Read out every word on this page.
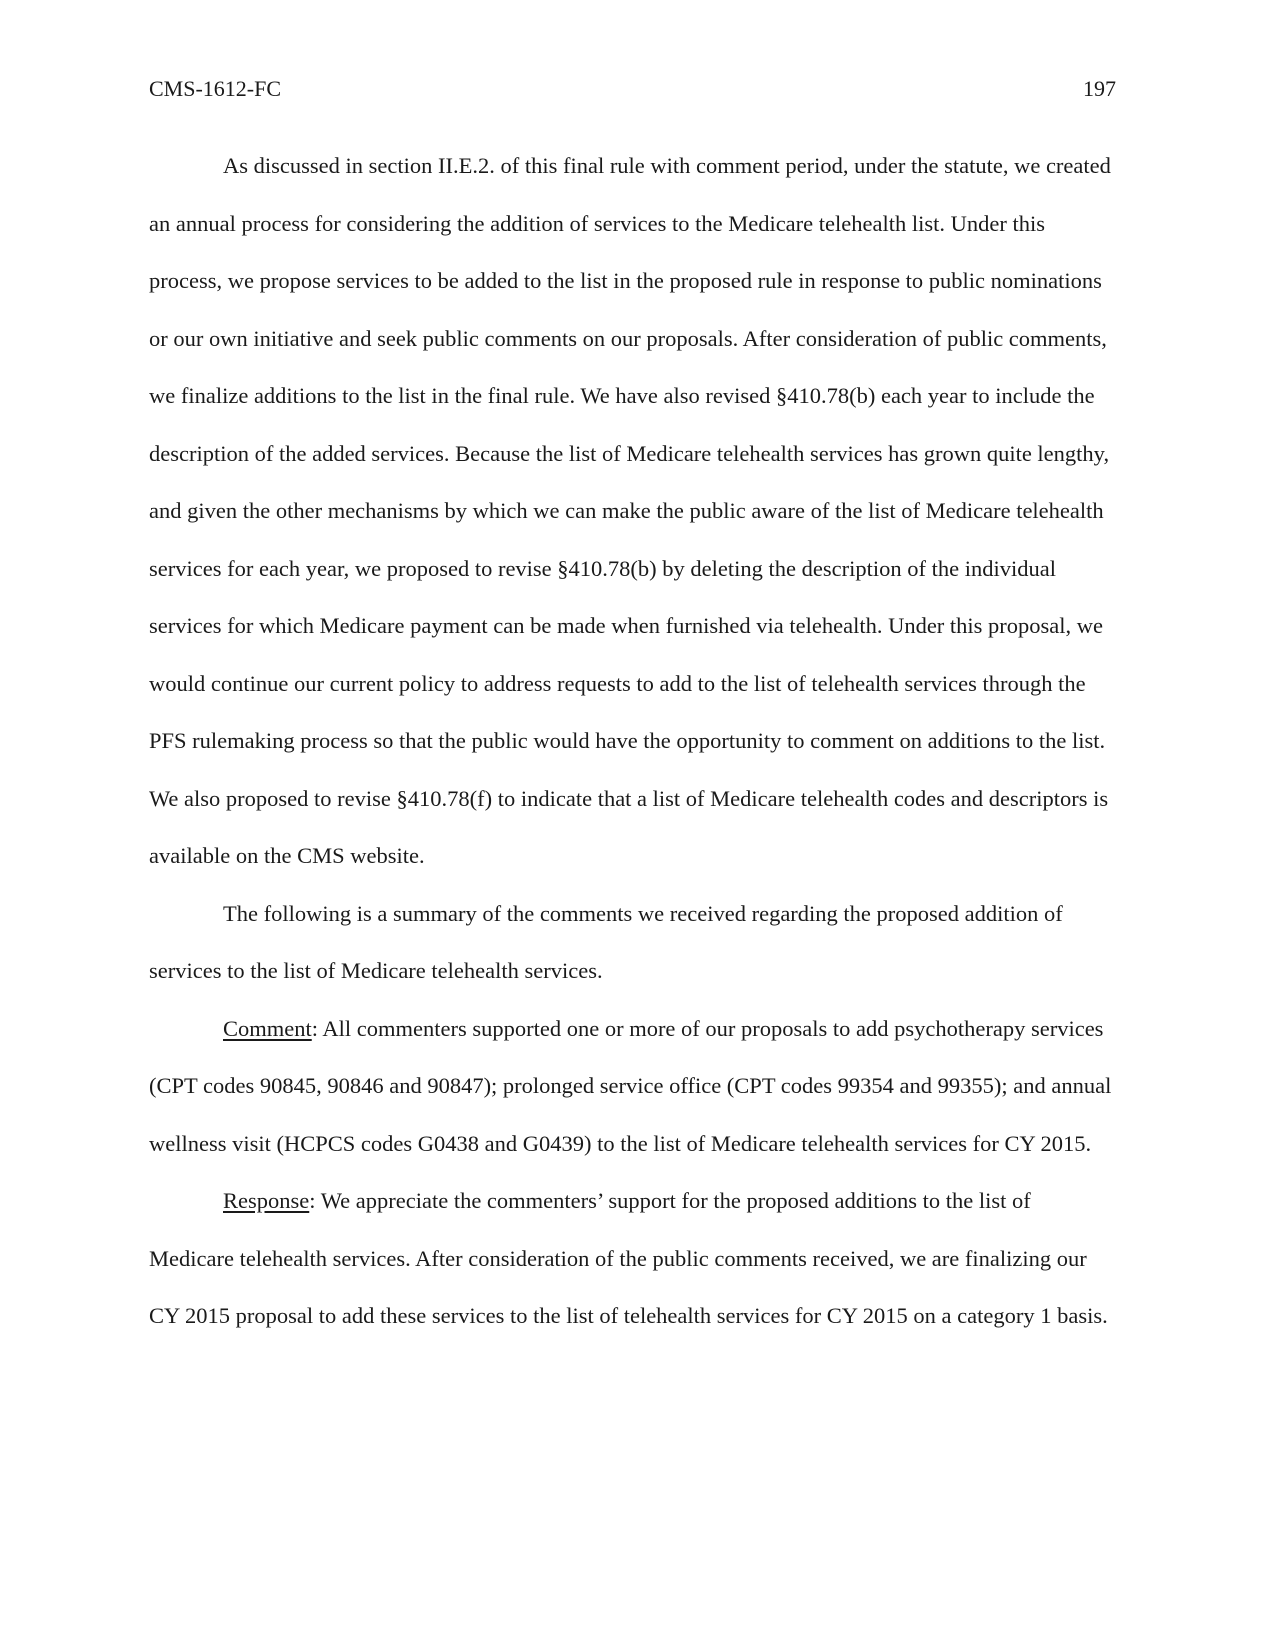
CMS-1612-FC	197

As discussed in section II.E.2. of this final rule with comment period, under the statute, we created an annual process for considering the addition of services to the Medicare telehealth list. Under this process, we propose services to be added to the list in the proposed rule in response to public nominations or our own initiative and seek public comments on our proposals. After consideration of public comments, we finalize additions to the list in the final rule. We have also revised §410.78(b) each year to include the description of the added services. Because the list of Medicare telehealth services has grown quite lengthy, and given the other mechanisms by which we can make the public aware of the list of Medicare telehealth services for each year, we proposed to revise §410.78(b) by deleting the description of the individual services for which Medicare payment can be made when furnished via telehealth. Under this proposal, we would continue our current policy to address requests to add to the list of telehealth services through the PFS rulemaking process so that the public would have the opportunity to comment on additions to the list. We also proposed to revise §410.78(f) to indicate that a list of Medicare telehealth codes and descriptors is available on the CMS website.

The following is a summary of the comments we received regarding the proposed addition of services to the list of Medicare telehealth services.

Comment: All commenters supported one or more of our proposals to add psychotherapy services (CPT codes 90845, 90846 and 90847); prolonged service office (CPT codes 99354 and 99355); and annual wellness visit (HCPCS codes G0438 and G0439) to the list of Medicare telehealth services for CY 2015.

Response: We appreciate the commenters’ support for the proposed additions to the list of Medicare telehealth services. After consideration of the public comments received, we are finalizing our CY 2015 proposal to add these services to the list of telehealth services for CY 2015 on a category 1 basis.
